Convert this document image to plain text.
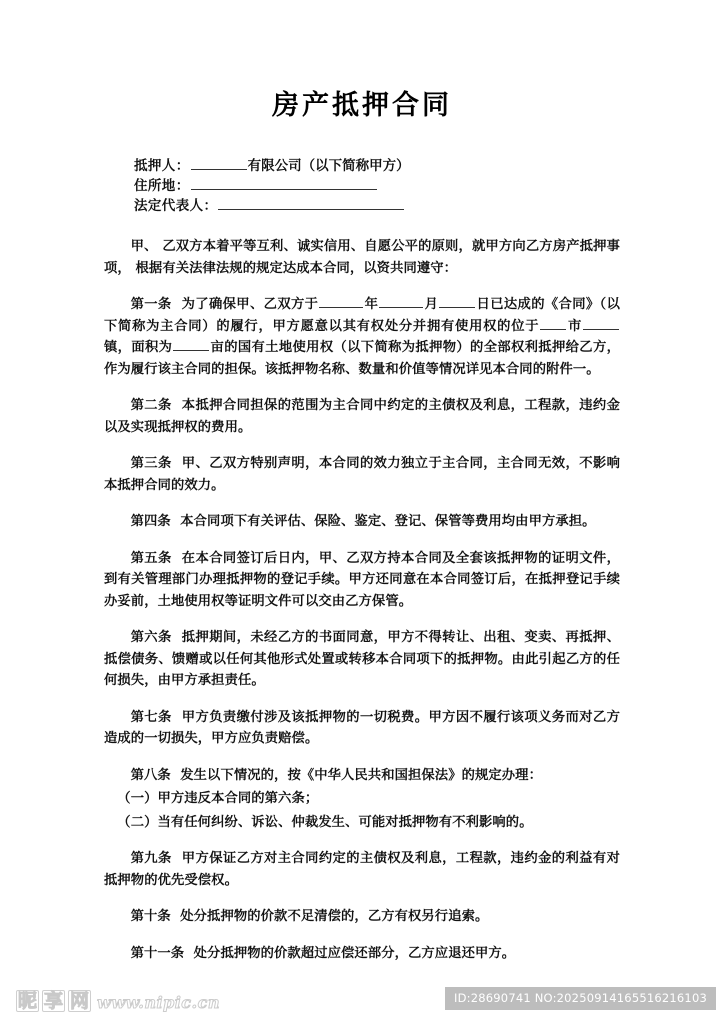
房产抵押合同
抵押人：	有限公司（以下简称甲方）
住所地：
法定代表人：

甲、 乙双方本着平等互利、诚实信用、自愿公平的原则，就甲方向乙方房产抵押事项， 根据有关法律法规的规定达成本合同，以资共同遵守：

第一条 为了确保甲、乙双方于	年	月	日已达成的《合同》（以下简称为主合同）的履行，甲方愿意以其有权处分并拥有使用权的位于 市镇，面积为	亩的国有土地使用权（以下简称为抵押物）的全部权利抵押给乙方，作为履行该主合同的担保。该抵押物名称、数量和价值等情况详见本合同的附件一。

第二条 本抵押合同担保的范围为主合同中约定的主债权及利息，工程款，违约金以及实现抵押权的费用。

第三条 甲、乙双方特别声明，本合同的效力独立于主合同，主合同无效，不影响本抵押合同的效力。

第四条 本合同项下有关评估、保险、鉴定、登记、保管等费用均由甲方承担。

第五条 在本合同签订后日内，甲、乙双方持本合同及全套该抵押物的证明文件，到有关管理部门办理抵押物的登记手续。甲方还同意在本合同签订后，在抵押登记手续办妥前，土地使用权等证明文件可以交由乙方保管。

第六条 抵押期间，未经乙方的书面同意，甲方不得转让、出租、变卖、再抵押、抵偿债务、馈赠或以任何其他形式处置或转移本合同项下的抵押物。由此引起乙方的任何损失，由甲方承担责任。

第七条 甲方负责缴付涉及该抵押物的一切税费。甲方因不履行该项义务而对乙方造成的一切损失，甲方应负责赔偿。

第八条 发生以下情况的，按《中华人民共和国担保法》的规定办理：

（一）甲方违反本合同的第六条；

（二）当有任何纠纷、诉讼、仲裁发生、可能对抵押物有不利影响的。

第九条 甲方保证乙方对主合同约定的主债权及利息，工程款，违约金的利益有对抵押物的优先受偿权。

第十条 处分抵押物的价款不足清偿的，乙方有权另行追索。

第十一条 处分抵押物的价款超过应偿还部分，乙方应退还甲方。

昵 享 网 www.nipic.cn	ID:28690741 NO:20250914165516216103
